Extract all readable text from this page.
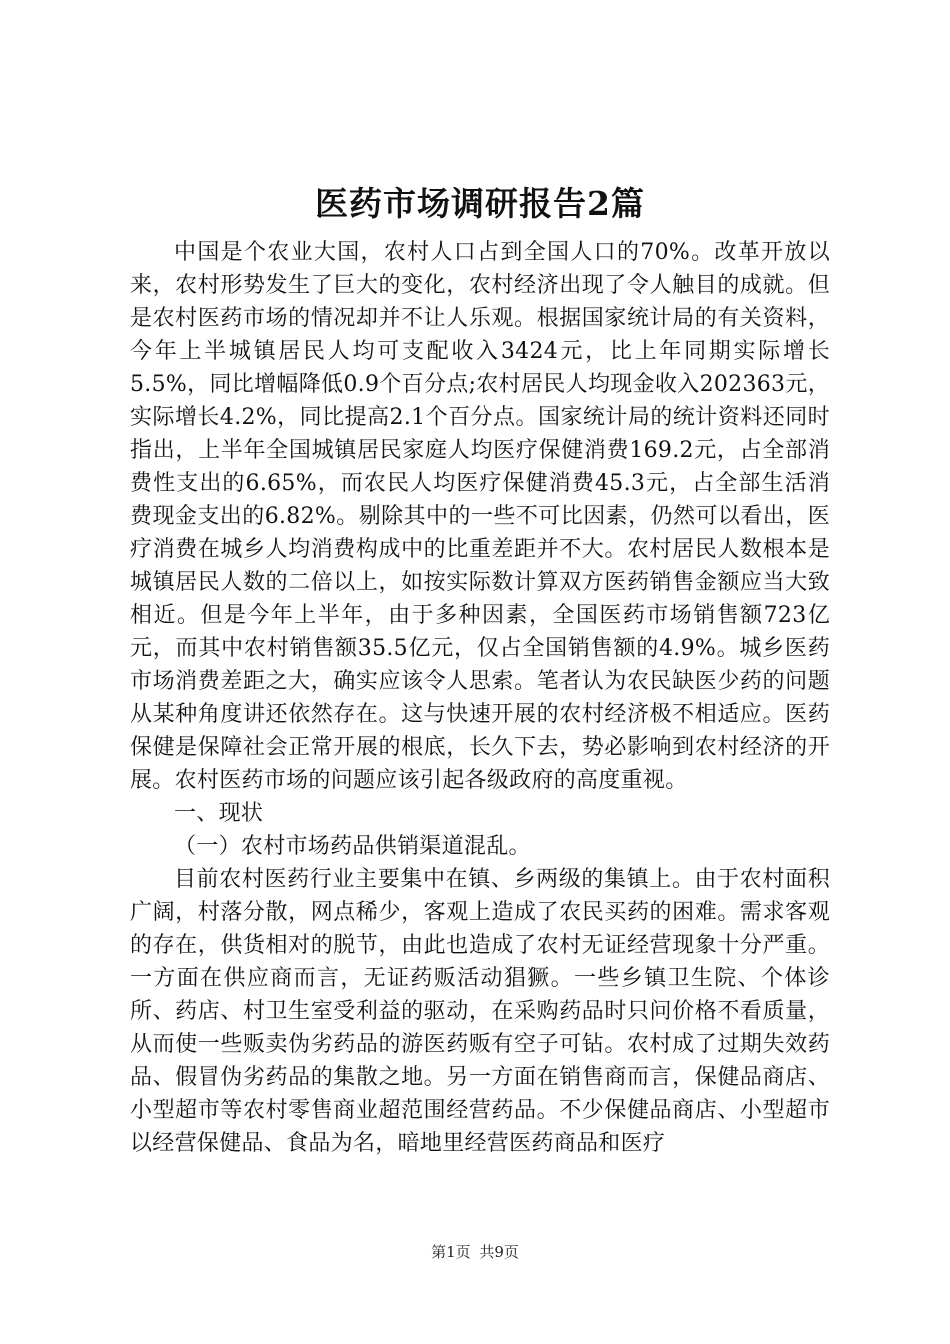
医药市场调研报告2篇

中国是个农业大国，农村人口占到全国人口的70%。改革开放以来，农村形势发生了巨大的变化，农村经济出现了令人触目的成就。但是农村医药市场的情况却并不让人乐观。根据国家统计局的有关资料，今年上半城镇居民人均可支配收入3424元，比上年同期实际增长5.5%，同比增幅降低0.9个百分点;农村居民人均现金收入202363元，实际增长4.2%，同比提高2.1个百分点。国家统计局的统计资料还同时指出，上半年全国城镇居民家庭人均医疗保健消费169.2元，占全部消费性支出的6.65%，而农民人均医疗保健消费45.3元，占全部生活消费现金支出的6.82%。剔除其中的一些不可比因素，仍然可以看出，医疗消费在城乡人均消费构成中的比重差距并不大。农村居民人数根本是城镇居民人数的二倍以上，如按实际数计算双方医药销售金额应当大致相近。但是今年上半年，由于多种因素，全国医药市场销售额723亿元，而其中农村销售额35.5亿元，仅占全国销售额的4.9%。城乡医药市场消费差距之大，确实应该令人思索。笔者认为农民缺医少药的问题从某种角度讲还依然存在。这与快速开展的农村经济极不相适应。医药保健是保障社会正常开展的根底，长久下去，势必影响到农村经济的开展。农村医药市场的问题应该引起各级政府的高度重视。

一、现状

（一）农村市场药品供销渠道混乱。

目前农村医药行业主要集中在镇、乡两级的集镇上。由于农村面积广阔，村落分散，网点稀少，客观上造成了农民买药的困难。需求客观的存在，供货相对的脱节，由此也造成了农村无证经营现象十分严重。一方面在供应商而言，无证药贩活动猖獗。一些乡镇卫生院、个体诊所、药店、村卫生室受利益的驱动，在采购药品时只问价格不看质量，从而使一些贩卖伪劣药品的游医药贩有空子可钻。农村成了过期失效药品、假冒伪劣药品的集散之地。另一方面在销售商而言，保健品商店、小型超市等农村零售商业超范围经营药品。不少保健品商店、小型超市以经营保健品、食品为名，暗地里经营医药商品和医疗

第1页 共9页
